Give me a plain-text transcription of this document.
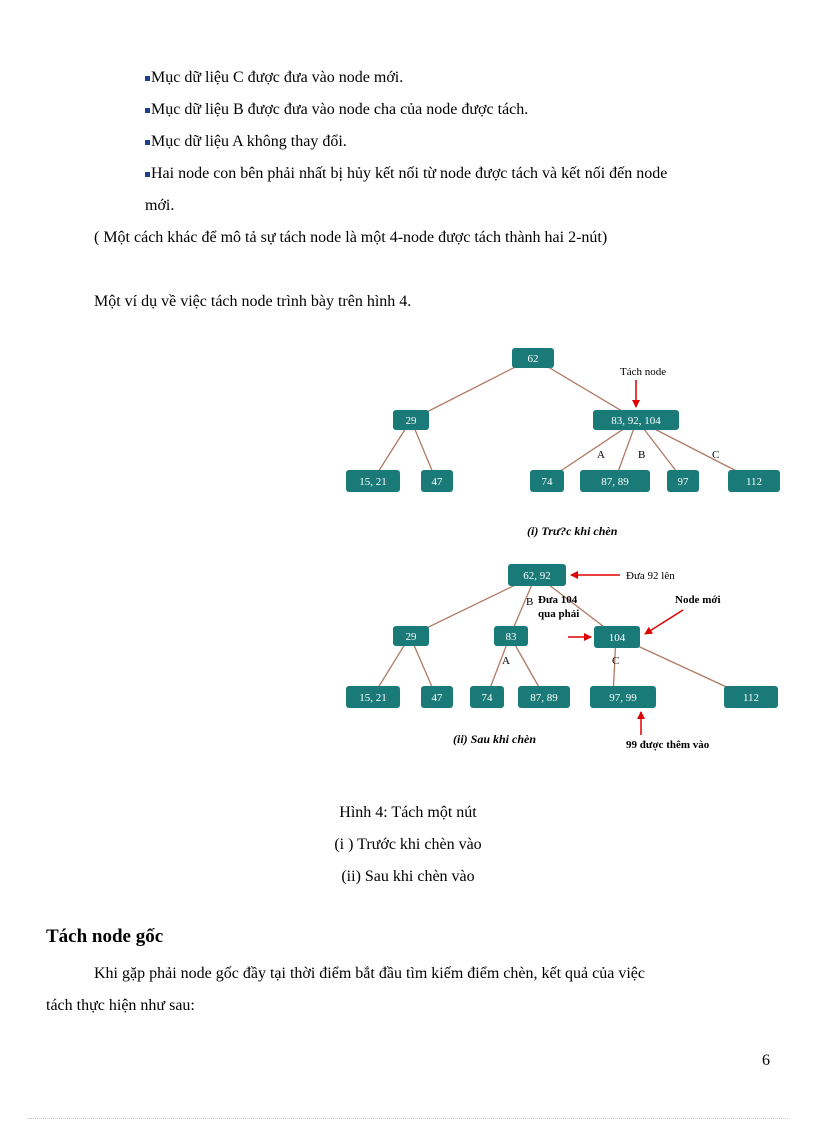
Mục dữ liệu C được đưa vào node mới.
Mục dữ liệu B được đưa vào node cha của node được tách.
Mục dữ liệu A không thay đổi.
Hai node con bên phải nhất bị hủy kết nối từ node được tách và kết nối đến node
mới.
( Một cách khác để mô tả sự tách node là một 4-node được tách thành hai 2-nút)
Một ví dụ về việc tách node trình bày trên hình 4.
62
29	83, 92, 104
15, 21	47	74	87, 89	97	112
A	B	C
Tách node
(i) Trư?c khi chèn
62, 92
29	83	104
15, 21	47	74	87, 89	97, 99	112
B
A	C
Đưa 92 lên
Đưa 104
qua phải
Node mới
99 được thêm vào
(ii) Sau khi chèn
Hình 4: Tách một nút
(i ) Trước khi chèn vào
(ii) Sau khi chèn vào
Tách node gốc
Khi gặp phải node gốc đầy tại thời điểm bắt đầu tìm kiếm điểm chèn, kết quả của việc
tách thực hiện như sau:
6
